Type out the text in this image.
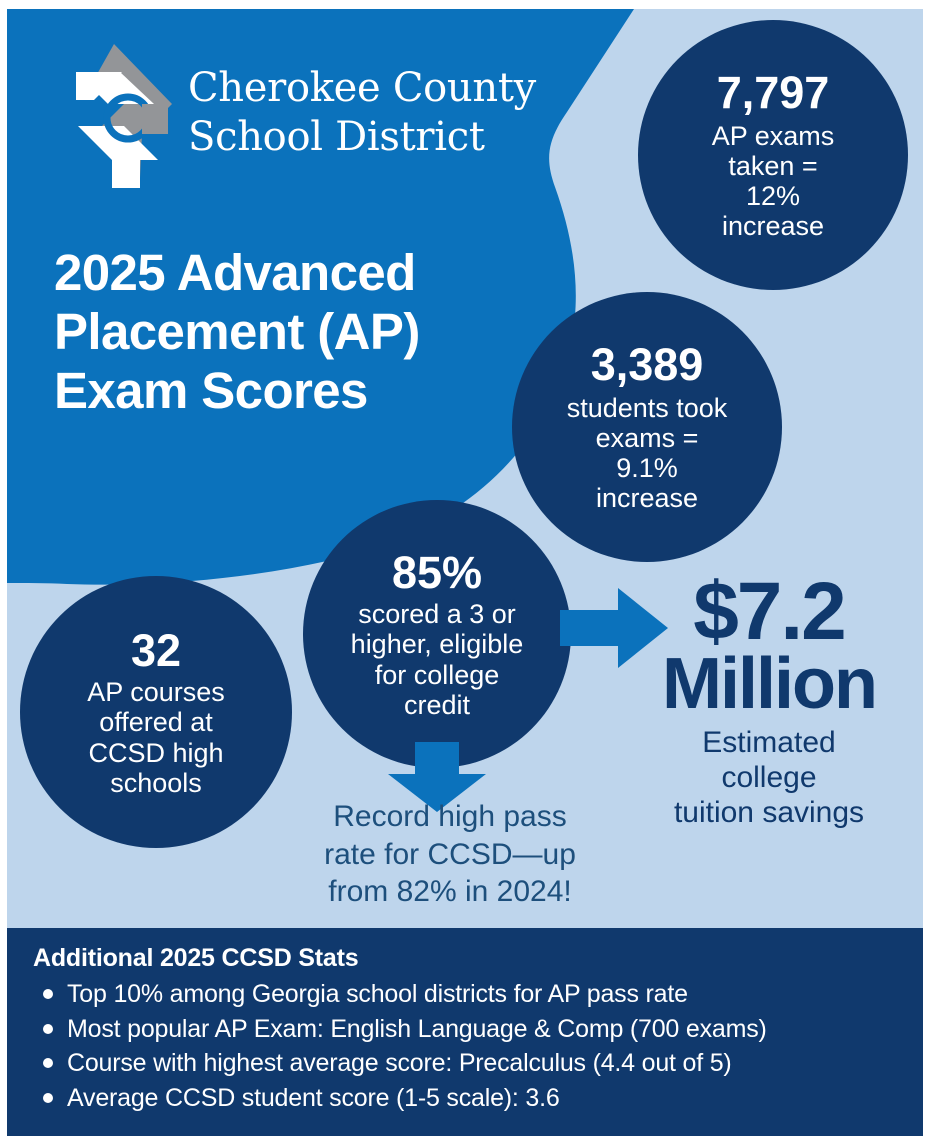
Cherokee County
School District
2025 Advanced
Placement (AP)
Exam Scores
7,797
AP exams
taken =
12%
increase
3,389
students took
exams =
9.1%
increase
85%
scored a 3 or
higher, eligible
for college
credit
32
AP courses
offered at
CCSD high
schools
$7.2
Million
Estimated
college
tuition savings
Record high pass
rate for CCSD—up
from 82% in 2024!
Additional 2025 CCSD Stats
Top 10% among Georgia school districts for AP pass rate
Most popular AP Exam: English Language & Comp (700 exams)
Course with highest average score: Precalculus (4.4 out of 5)
Average CCSD student score (1-5 scale): 3.6
